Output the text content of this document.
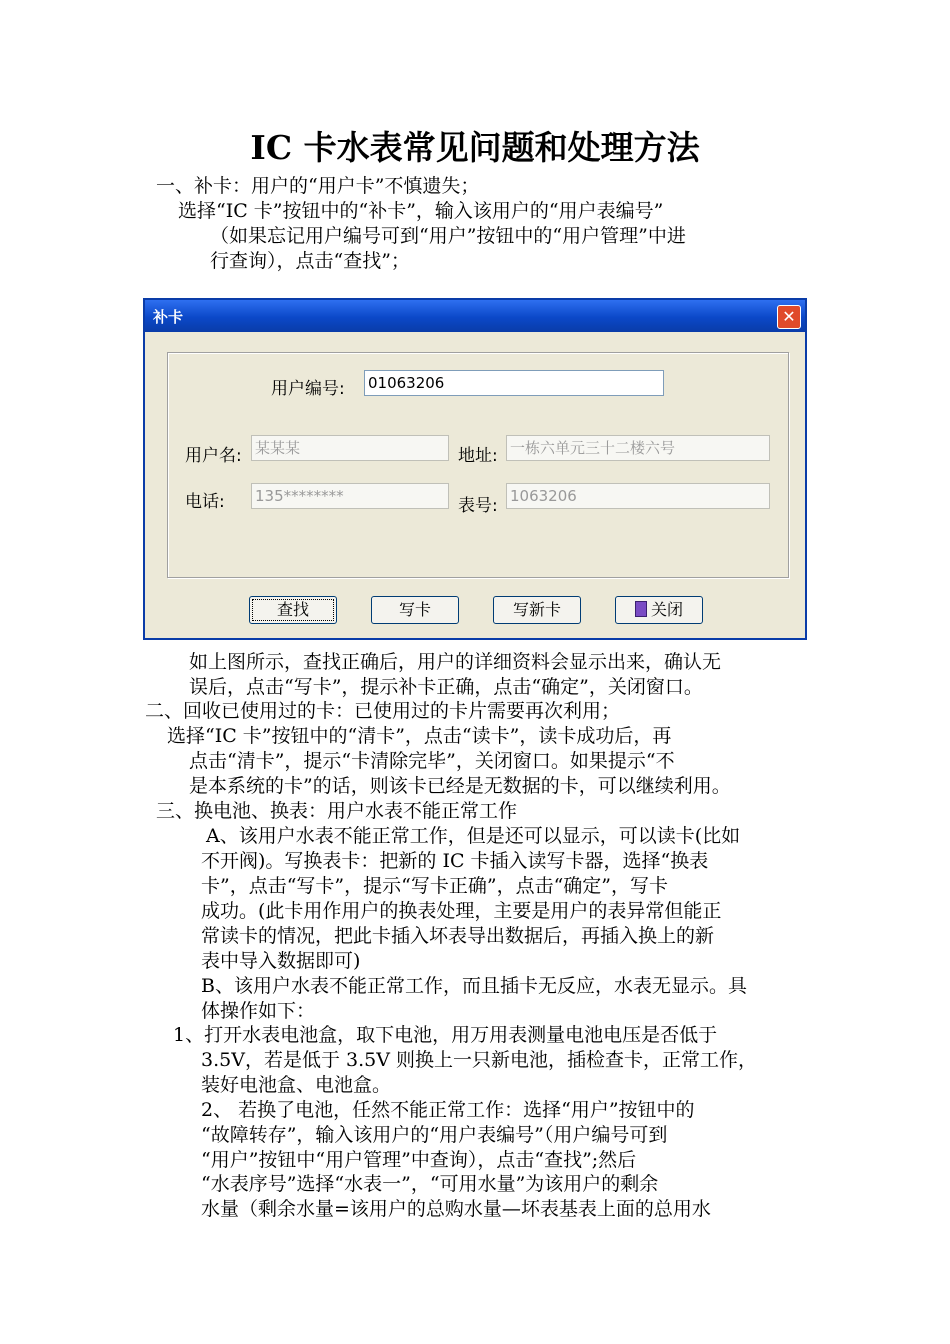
IC 卡水表常见问题和处理方法
一、补卡：用户的“用户卡”不慎遗失；
选择“IC 卡”按钮中的“补卡”，输入该用户的“用户表编号”
（如果忘记用户编号可到“用户”按钮中的“用户管理”中进
行查询），点击“查找”；
补卡	✕
用户编号: 01063206
用户名: 某某某	地址: 一栋六单元三十二楼六号
电话: 135********	表号: 1063206
查找	写卡	写新卡	关闭
如上图所示，查找正确后，用户的详细资料会显示出来，确认无
误后，点击“写卡”，提示补卡正确，点击“确定”，关闭窗口。
二、回收已使用过的卡：已使用过的卡片需要再次利用；
选择“IC 卡”按钮中的“清卡”，点击“读卡”，读卡成功后，再
点击“清卡”，提示“卡清除完毕”，关闭窗口。如果提示“不
是本系统的卡”的话，则该卡已经是无数据的卡，可以继续利用。
三、换电池、换表：用户水表不能正常工作
A、该用户水表不能正常工作，但是还可以显示，可以读卡(比如
不开阀)。写换表卡：把新的 IC 卡插入读写卡器，选择“换表
卡”，点击“写卡”，提示“写卡正确”，点击“确定”，写卡
成功。(此卡用作用户的换表处理，主要是用户的表异常但能正
常读卡的情况，把此卡插入坏表导出数据后，再插入换上的新
表中导入数据即可)
B、该用户水表不能正常工作，而且插卡无反应，水表无显示。具
体操作如下：
1、打开水表电池盒，取下电池，用万用表测量电池电压是否低于
3.5V，若是低于 3.5V 则换上一只新电池，插检查卡，正常工作，
装好电池盒、电池盒。
2、 若换了电池，任然不能正常工作：选择“用户”按钮中的
“故障转存”，输入该用户的“用户表编号”（用户编号可到
“用户”按钮中“用户管理”中查询），点击“查找”;然后
“水表序号”选择“水表一”，“可用水量”为该用户的剩余
水量（剩余水量=该用户的总购水量—坏表基表上面的总用水
